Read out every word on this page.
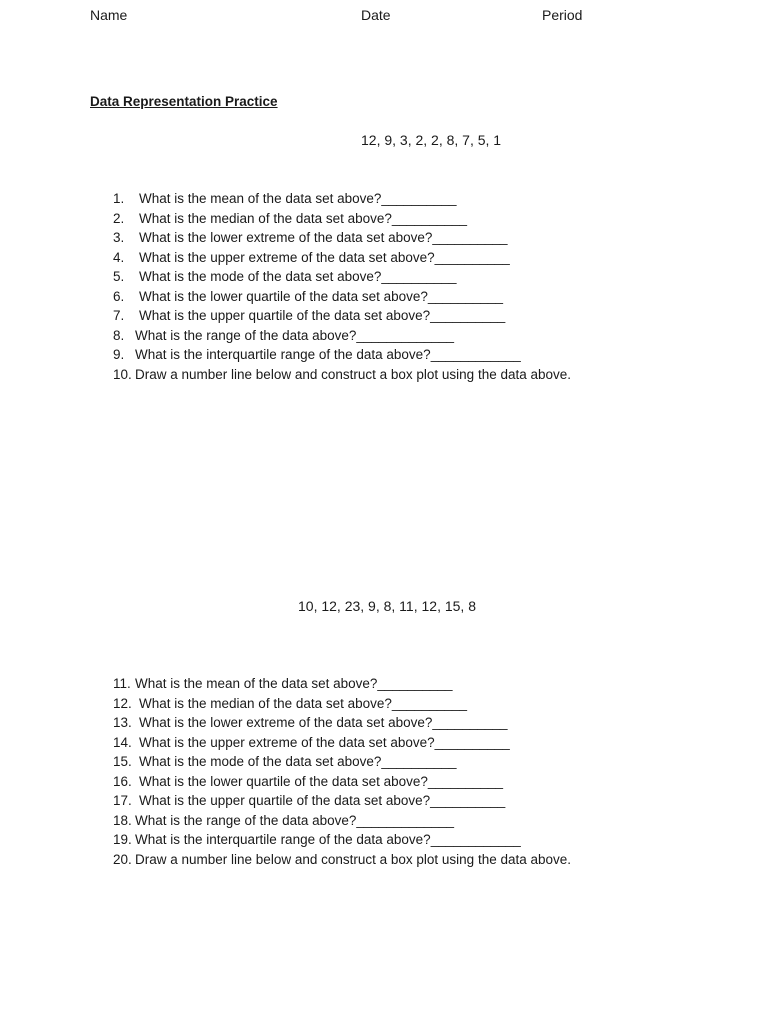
Name	Date	Period
Data Representation Practice
12, 9, 3, 2, 2, 8, 7, 5, 1
1. What is the mean of the data set above?__________
2. What is the median of the data set above?__________
3. What is the lower extreme of the data set above?__________
4. What is the upper extreme of the data set above?__________
5. What is the mode of the data set above?__________
6. What is the lower quartile of the data set above?__________
7. What is the upper quartile of the data set above?__________
8. What is the range of the data above?_____________
9. What is the interquartile range of the data above?____________
10. Draw a number line below and construct a box plot using the data above.
10, 12, 23, 9, 8, 11, 12, 15, 8
11. What is the mean of the data set above?__________
12. What is the median of the data set above?__________
13. What is the lower extreme of the data set above?__________
14. What is the upper extreme of the data set above?__________
15. What is the mode of the data set above?__________
16. What is the lower quartile of the data set above?__________
17. What is the upper quartile of the data set above?__________
18. What is the range of the data above?_____________
19. What is the interquartile range of the data above?____________
20. Draw a number line below and construct a box plot using the data above.
